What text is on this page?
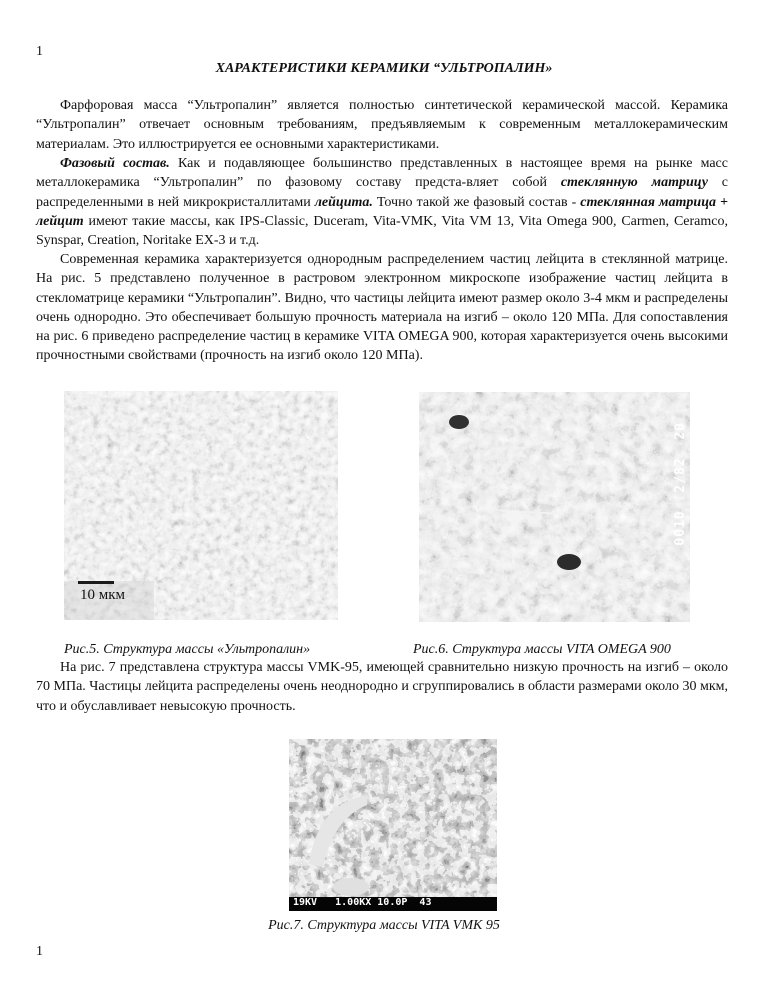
1
ХАРАКТЕРИСТИКИ КЕРАМИКИ “УЛЬТРОПАЛИН»

Фарфоровая масса “Ультропалин” является полностью синтетической керамической массой. Керамика “Ультропалин” отвечает основным требованиям, предъявляемым к современным металлокерамическим материалам. Это иллюстрируется ее основными характеристиками.

Фазовый состав. Как и подавляющее большинство представленных в настоящее время на рынке масс металлокерамика “Ультропалин” по фазовому составу предста-вляет собой стеклянную матрицу с распределенными в ней микрокристаллитами лейцита. Точно такой же фазовый состав - стеклянная матрица + лейцит имеют такие массы, как IPS-Classic, Duceram, Vita-VMK, Vita VM 13, Vita Omega 900, Carmen, Ceramco, Synspar, Creation, Noritake EX-3 и т.д.

Современная керамика характеризуется однородным распределением частиц лейцита в стеклянной матрице. На рис. 5 представлено полученное в растровом электронном микроскопе изображение частиц лейцита в стекломатрице керамики “Ультропалин”. Видно, что частицы лейцита имеют размер около 3-4 мкм и распределены очень однородно. Это обеспечивает большую прочность материала на изгиб – около 120 МПа. Для сопоставления на рис. 6 приведено распределение частиц в керамике VITA OMEGA 900, которая характеризуется очень высокими прочностными свойствами (прочность на изгиб около 120 МПа).

10 мкм
0010  2/82  20
Рис.5. Структура массы «Ультропалин»	Рис.6. Структура массы VITA OMEGA 900

На рис. 7 представлена структура массы VMK-95, имеющей сравнительно низкую прочность на изгиб – около 70 МПа. Частицы лейцита распределены очень неоднородно и сгруппировались в области размерами около 30 мкм, что и обуславливает невысокую прочность.

19KV   1.00KX 10.0P  43
Рис.7. Структура массы VITA VMK 95
1
